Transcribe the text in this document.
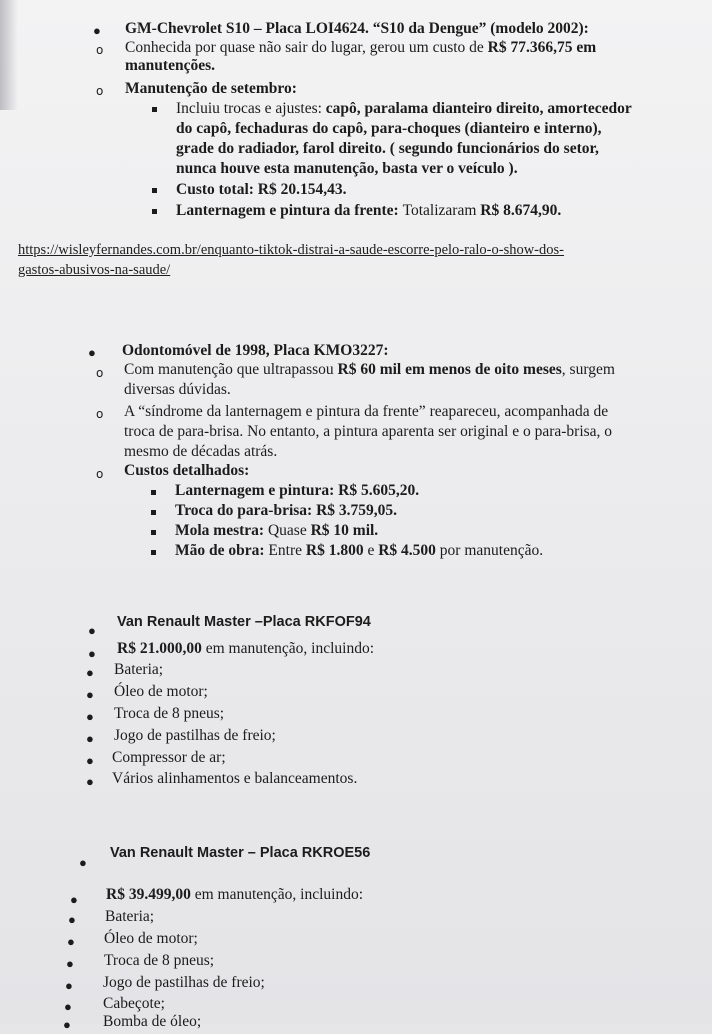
● GM-Chevrolet S10 – Placa LOI4624. “S10 da Dengue” (modelo 2002):
o Conhecida por quase não sair do lugar, gerou um custo de R$ 77.366,75 em
manutenções.
o Manutenção de setembro:
Incluiu trocas e ajustes: capô, paralama dianteiro direito, amortecedor
do capô, fechaduras do capô, para-choques (dianteiro e interno),
grade do radiador, farol direito. ( segundo funcionários do setor,
nunca houve esta manutenção, basta ver o veículo ).
Custo total: R$ 20.154,43.
Lanternagem e pintura da frente: Totalizaram R$ 8.674,90.
https://wisleyfernandes.com.br/enquanto-tiktok-distrai-a-saude-escorre-pelo-ralo-o-show-dos-
gastos-abusivos-na-saude/
● Odontomóvel de 1998, Placa KMO3227:
o Com manutenção que ultrapassou R$ 60 mil em menos de oito meses, surgem
diversas dúvidas.
o A “síndrome da lanternagem e pintura da frente” reapareceu, acompanhada de
troca de para-brisa. No entanto, a pintura aparenta ser original e o para-brisa, o
mesmo de décadas atrás.
o Custos detalhados:
Lanternagem e pintura: R$ 5.605,20.
Troca do para-brisa: R$ 3.759,05.
Mola mestra: Quase R$ 10 mil.
Mão de obra: Entre R$ 1.800 e R$ 4.500 por manutenção.
●
Van Renault Master –Placa RKFOF94
● R$ 21.000,00 em manutenção, incluindo:
● Bateria;
● Óleo de motor;
● Troca de 8 pneus;
● Jogo de pastilhas de freio;
● Compressor de ar;
● Vários alinhamentos e balanceamentos.
●
Van Renault Master – Placa RKROE56
● R$ 39.499,00 em manutenção, incluindo:
● Bateria;
● Óleo de motor;
● Troca de 8 pneus;
● Jogo de pastilhas de freio;
● Cabeçote;
● Bomba de óleo;
